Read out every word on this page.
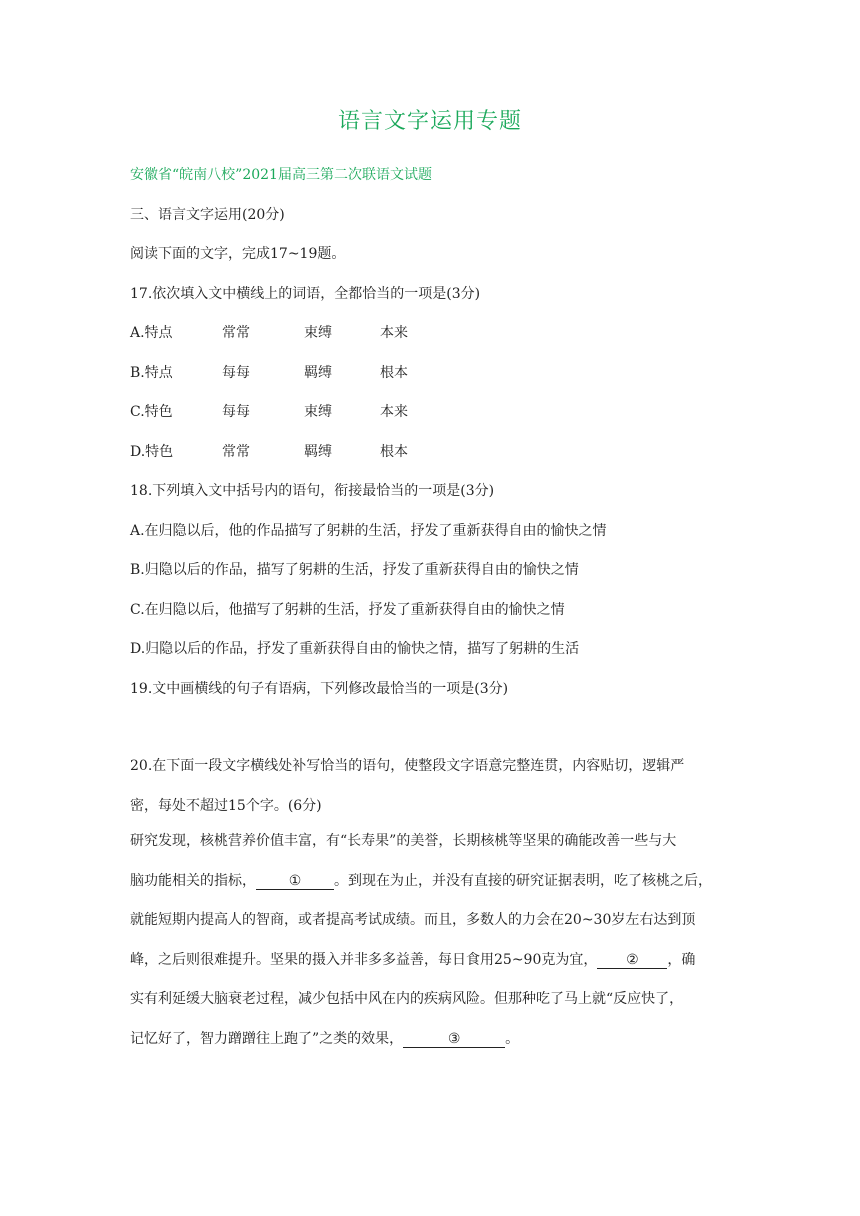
语言文字运用专题
安徽省“皖南八校”2021届高三第二次联语文试题
三、语言文字运用(20分)
阅读下面的文字，完成17~19题。
17.依次填入文中横线上的词语，全都恰当的一项是(3分)
A.特点	常常	束缚	本来
B.特点	每每	羁缚	根本
C.特色	每每	束缚	本来
D.特色	常常	羁缚	根本
18.下列填入文中括号内的语句，衔接最恰当的一项是(3分)
A.在归隐以后，他的作品描写了躬耕的生活，抒发了重新获得自由的愉快之情
B.归隐以后的作品，描写了躬耕的生活，抒发了重新获得自由的愉快之情
C.在归隐以后，他描写了躬耕的生活，抒发了重新获得自由的愉快之情
D.归隐以后的作品，抒发了重新获得自由的愉快之情，描写了躬耕的生活
19.文中画横线的句子有语病，下列修改最恰当的一项是(3分)
20.在下面一段文字横线处补写恰当的语句，使整段文字语意完整连贯，内容贴切，逻辑严
密，每处不超过15个字。(6分)
研究发现，核桃营养价值丰富，有“长寿果”的美誉，长期核桃等坚果的确能改善一些与大
脑功能相关的指标， ① 。到现在为止，并没有直接的研究证据表明，吃了核桃之后，
就能短期内提高人的智商，或者提高考试成绩。而且，多数人的力会在20~30岁左右达到顶
峰，之后则很难提升。坚果的摄入并非多多益善，每日食用25~90克为宜， ② ，确
实有利延缓大脑衰老过程，减少包括中风在内的疾病风险。但那种吃了马上就“反应快了，
记忆好了，智力蹭蹭往上跑了”之类的效果，	③	。
